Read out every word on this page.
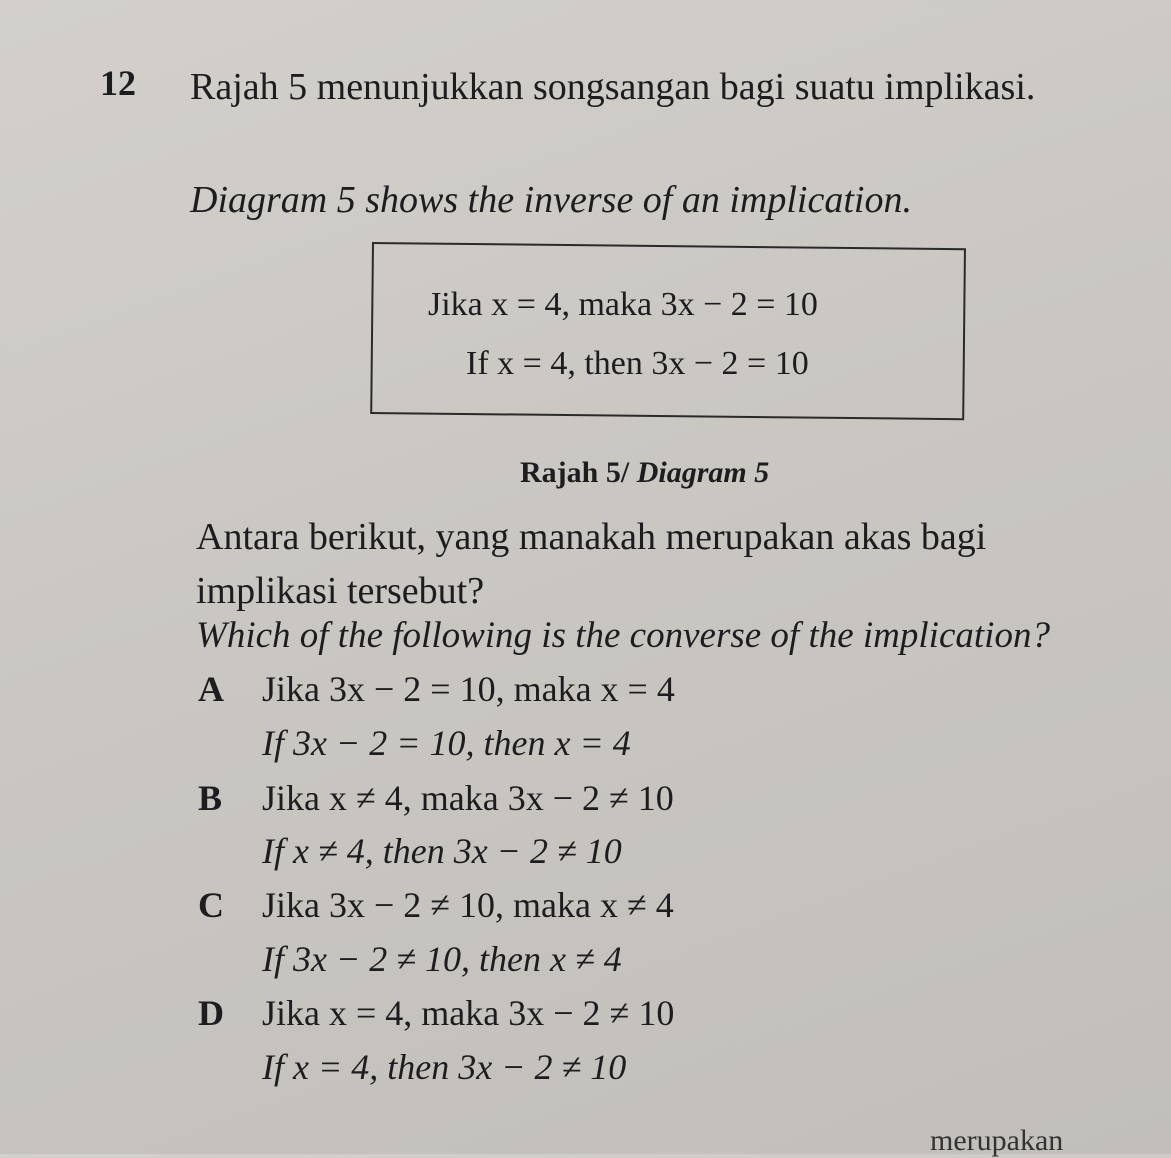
12 Rajah 5 menunjukkan songsangan bagi suatu implikasi.
Diagram 5 shows the inverse of an implication.
Jika x = 4, maka 3x − 2 = 10
If x = 4, then 3x − 2 = 10
Rajah 5/ Diagram 5
Antara berikut, yang manakah merupakan akas bagi implikasi tersebut?
Which of the following is the converse of the implication?
A Jika 3x − 2 = 10, maka x = 4
If 3x − 2 = 10, then x = 4
B Jika x ≠ 4, maka 3x − 2 ≠ 10
If x ≠ 4, then 3x − 2 ≠ 10
C Jika 3x − 2 ≠ 10, maka x ≠ 4
If 3x − 2 ≠ 10, then x ≠ 4
D Jika x = 4, maka 3x − 2 ≠ 10
If x = 4, then 3x − 2 ≠ 10
merupakan
